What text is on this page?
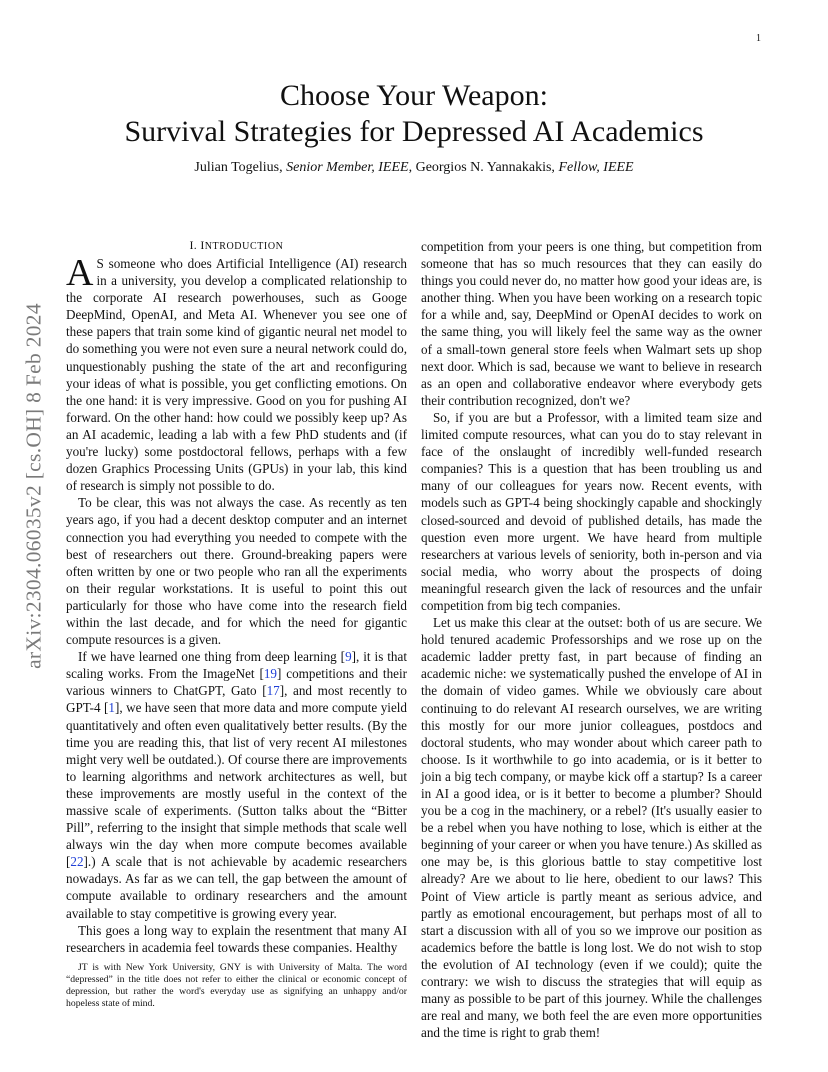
1
arXiv:2304.06035v2 [cs.OH] 8 Feb 2024
Choose Your Weapon:
Survival Strategies for Depressed AI Academics
Julian Togelius, Senior Member, IEEE, Georgios N. Yannakakis, Fellow, IEEE
I. INTRODUCTION

A S someone who does Artificial Intelligence (AI) research in a university, you develop a complicated relationship to the corporate AI research powerhouses, such as Googe DeepMind, OpenAI, and Meta AI. Whenever you see one of these papers that train some kind of gigantic neural net model to do something you were not even sure a neural network could do, unquestionably pushing the state of the art and reconfiguring your ideas of what is possible, you get conflicting emotions. On the one hand: it is very impressive. Good on you for pushing AI forward. On the other hand: how could we possibly keep up? As an AI academic, leading a lab with a few PhD students and (if you're lucky) some postdoctoral fellows, perhaps with a few dozen Graphics Processing Units (GPUs) in your lab, this kind of research is simply not possible to do.

To be clear, this was not always the case. As recently as ten years ago, if you had a decent desktop computer and an internet connection you had everything you needed to compete with the best of researchers out there. Ground-breaking papers were often written by one or two people who ran all the experiments on their regular workstations. It is useful to point this out particularly for those who have come into the research field within the last decade, and for which the need for gigantic compute resources is a given.

If we have learned one thing from deep learning [9], it is that scaling works. From the ImageNet [19] competitions and their various winners to ChatGPT, Gato [17], and most recently to GPT-4 [1], we have seen that more data and more compute yield quantitatively and often even qualitatively better results. (By the time you are reading this, that list of very recent AI milestones might very well be outdated.). Of course there are improvements to learning algorithms and network architectures as well, but these improvements are mostly useful in the context of the massive scale of experiments. (Sutton talks about the “Bitter Pill”, referring to the insight that simple methods that scale well always win the day when more compute becomes available [22].) A scale that is not achievable by academic researchers nowadays. As far as we can tell, the gap between the amount of compute available to ordinary researchers and the amount available to stay competitive is growing every year.

This goes a long way to explain the resentment that many AI researchers in academia feel towards these companies. Healthy

JT is with New York University, GNY is with University of Malta. The word “depressed” in the title does not refer to either the clinical or economic concept of depression, but rather the word's everyday use as signifying an unhappy and/or hopeless state of mind.

competition from your peers is one thing, but competition from someone that has so much resources that they can easily do things you could never do, no matter how good your ideas are, is another thing. When you have been working on a research topic for a while and, say, DeepMind or OpenAI decides to work on the same thing, you will likely feel the same way as the owner of a small-town general store feels when Walmart sets up shop next door. Which is sad, because we want to believe in research as an open and collaborative endeavor where everybody gets their contribution recognized, don't we?

So, if you are but a Professor, with a limited team size and limited compute resources, what can you do to stay relevant in face of the onslaught of incredibly well-funded research companies? This is a question that has been troubling us and many of our colleagues for years now. Recent events, with models such as GPT-4 being shockingly capable and shockingly closed-sourced and devoid of published details, has made the question even more urgent. We have heard from multiple researchers at various levels of seniority, both in-person and via social media, who worry about the prospects of doing meaningful research given the lack of resources and the unfair competition from big tech companies.

Let us make this clear at the outset: both of us are secure. We hold tenured academic Professorships and we rose up on the academic ladder pretty fast, in part because of finding an academic niche: we systematically pushed the envelope of AI in the domain of video games. While we obviously care about continuing to do relevant AI research ourselves, we are writing this mostly for our more junior colleagues, postdocs and doctoral students, who may wonder about which career path to choose. Is it worthwhile to go into academia, or is it better to join a big tech company, or maybe kick off a startup? Is a career in AI a good idea, or is it better to become a plumber? Should you be a cog in the machinery, or a rebel? (It's usually easier to be a rebel when you have nothing to lose, which is either at the beginning of your career or when you have tenure.) As skilled as one may be, is this glorious battle to stay competitive lost already? Are we about to lie here, obedient to our laws? This Point of View article is partly meant as serious advice, and partly as emotional encouragement, but perhaps most of all to start a discussion with all of you so we improve our position as academics before the battle is long lost. We do not wish to stop the evolution of AI technology (even if we could); quite the contrary: we wish to discuss the strategies that will equip as many as possible to be part of this journey. While the challenges are real and many, we both feel the are even more opportunities and the time is right to grab them!
